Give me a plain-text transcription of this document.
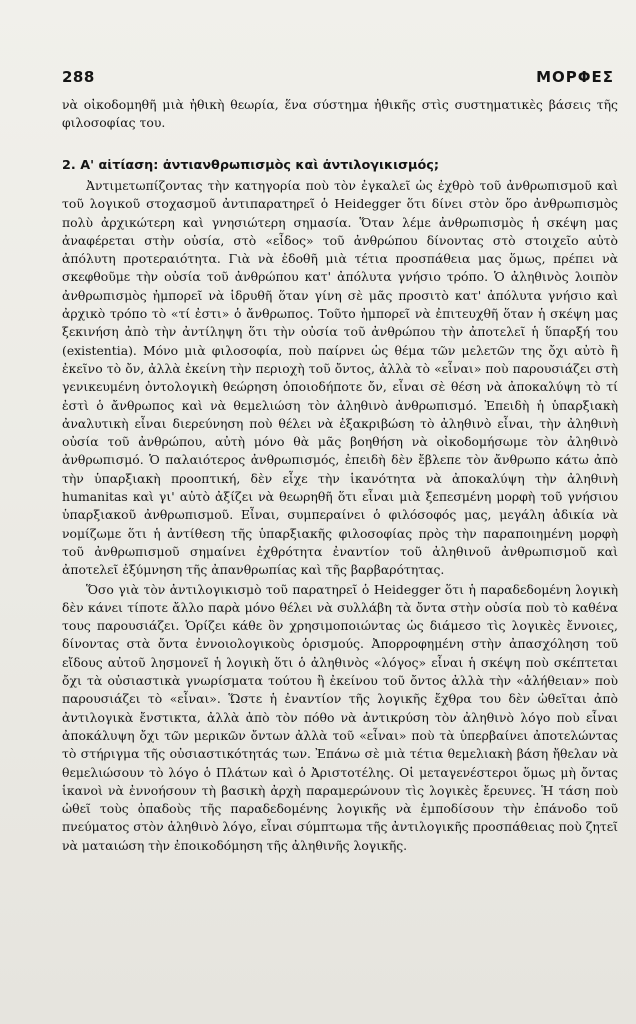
288	ΜΟΡΦΕΣ

νὰ οἰκοδομηθῆ μιὰ ἠθικὴ θεωρία, ἕνα σύστημα ἠθικῆς στὶς συστηματικὲς βάσεις τῆς φιλοσοφίας του.

2. Α' αἰτίαση: ἀντιανθρωπισμὸς καὶ ἀντιλογικισμός;

Ἀντιμετωπίζοντας τὴν κατηγορία ποὺ τὸν ἐγκαλεῖ ὡς ἐχθρὸ τοῦ ἀνθρωπισμοῦ καὶ τοῦ λογικοῦ στοχασμοῦ ἀντιπαρατηρεῖ ὁ Heidegger ὅτι δίνει στὸν ὅρο ἀνθρωπισμὸς πολὺ ἀρχικώτερη καὶ γνησιώτερη σημασία. Ὅταν λέμε ἀνθρωπισμὸς ἡ σκέψη μας ἀναφέρεται στὴν οὐσία, στὸ «εἶδος» τοῦ ἀνθρώπου δίνοντας στὸ στοιχεῖο αὐτὸ ἀπόλυτη προτεραιότητα. Γιὰ νὰ ἐδοθῆ μιὰ τέτια προσπάθεια μας ὅμως, πρέπει νὰ σκεφθοῦμε τὴν οὐσία τοῦ ἀνθρώπου κατ' ἀπόλυτα γνήσιο τρόπο. Ὁ ἀληθινὸς λοιπὸν ἀνθρωπισμὸς ἠμπορεῖ νὰ ἱδρυθῆ ὅταν γίνη σὲ μᾶς προσιτὸ κατ' ἀπόλυτα γνήσιο καὶ ἀρχικὸ τρόπο τὸ «τί ἐστι» ὁ ἄνθρωπος. Τοῦτο ἠμπορεῖ νὰ ἐπιτευχθῆ ὅταν ἡ σκέψη μας ξεκινήση ἀπὸ τὴν ἀντίληψη ὅτι τὴν οὐσία τοῦ ἀνθρώπου τὴν ἀποτελεῖ ἡ ὕπαρξή του (existentia). Μόνο μιὰ φιλοσοφία, ποὺ παίρνει ὡς θέμα τῶν μελετῶν της ὄχι αὐτὸ ἢ ἐκεῖνο τὸ ὄν, ἀλλὰ ἐκείνη τὴν περιοχὴ τοῦ ὄντος, ἀλλὰ τὸ «εἶναι» ποὺ παρουσιάζει στὴ γενικευμένη ὀντολογικὴ θεώρηση ὁποιοδήποτε ὄν, εἶναι σὲ θέση νὰ ἀποκαλύψη τὸ τί ἐστὶ ὁ ἄνθρωπος καὶ νὰ θεμελιώση τὸν ἀληθινὸ ἀνθρωπισμό. Ἐπειδὴ ἡ ὑπαρξιακὴ ἀναλυτικὴ εἶναι διερεύνηση ποὺ θέλει νὰ ἐξακριβώση τὸ ἀληθινὸ εἶναι, τὴν ἀληθινὴ οὐσία τοῦ ἀνθρώπου, αὐτὴ μόνο θὰ μᾶς βοηθήση νὰ οἰκοδομήσωμε τὸν ἀληθινὸ ἀνθρωπισμό. Ὁ παλαιότερος ἀνθρωπισμός, ἐπειδὴ δὲν ἔβλεπε τὸν ἄνθρωπο κάτω ἀπὸ τὴν ὑπαρξιακὴ προοπτική, δὲν εἶχε τὴν ἱκανότητα νὰ ἀποκαλύψη τὴν ἀληθινὴ humanitas καὶ γι' αὐτὸ ἀξίζει νὰ θεωρηθῆ ὅτι εἶναι μιὰ ξεπεσμένη μορφὴ τοῦ γνήσιου ὑπαρξιακοῦ ἀνθρωπισμοῦ. Εἶναι, συμπεραίνει ὁ φιλόσοφός μας, μεγάλη ἀδικία νὰ νομίζωμε ὅτι ἡ ἀντίθεση τῆς ὑπαρξιακῆς φιλοσοφίας πρὸς τὴν παραποιημένη μορφὴ τοῦ ἀνθρωπισμοῦ σημαίνει ἐχθρότητα ἐναντίον τοῦ ἀληθινοῦ ἀνθρωπισμοῦ καὶ ἀποτελεῖ ἐξύμνηση τῆς ἀπανθρωπίας καὶ τῆς βαρβαρότητας.

Ὅσο γιὰ τὸν ἀντιλογικισμὸ τοῦ παρατηρεῖ ὁ Heidegger ὅτι ἡ παραδεδομένη λογικὴ δὲν κάνει τίποτε ἄλλο παρὰ μόνο θέλει νὰ συλλάβη τὰ ὄντα στὴν οὐσία ποὺ τὸ καθένα τους παρουσιάζει. Ὁρίζει κάθε ὂν χρησιμοποιώντας ὡς διάμεσο τὶς λογικὲς ἔννοιες, δίνοντας στὰ ὄντα ἐννοιολογικοὺς ὁρισμούς. Ἀπορροφημένη στὴν ἀπασχόληση τοῦ εἴδους αὐτοῦ λησμονεῖ ἡ λογικὴ ὅτι ὁ ἀληθινὸς «λόγος» εἶναι ἡ σκέψη ποὺ σκέπτεται ὄχι τὰ οὐσιαστικὰ γνωρίσματα τούτου ἢ ἐκείνου τοῦ ὄντος ἀλλὰ τὴν «ἀλήθειαν» ποὺ παρουσιάζει τὸ «εἶναι». Ὥστε ἡ ἐναντίον τῆς λογικῆς ἔχθρα του δὲν ὠθεῖται ἀπὸ ἀντιλογικὰ ἔνστικτα, ἀλλὰ ἀπὸ τὸν πόθο νὰ ἀντικρύση τὸν ἀληθινὸ λόγο ποὺ εἶναι ἀποκάλυψη ὄχι τῶν μερικῶν ὄντων ἀλλὰ τοῦ «εἶναι» ποὺ τὰ ὑπερβαίνει ἀποτελώντας τὸ στήριγμα τῆς οὐσιαστικότητάς των. Ἐπάνω σὲ μιὰ τέτια θεμελιακὴ βάση ἤθελαν νὰ θεμελιώσουν τὸ λόγο ὁ Πλάτων καὶ ὁ Ἀριστοτέλης. Οἱ μεταγενέστεροι ὅμως μὴ ὄντας ἱκανοὶ νὰ ἐννοήσουν τὴ βασικὴ ἀρχὴ παραμερώνουν τὶς λογικὲς ἔρευνες. Ἡ τάση ποὺ ὠθεῖ τοὺς ὀπαδοὺς τῆς παραδεδομένης λογικῆς νὰ ἐμποδίσουν τὴν ἐπάνοδο τοῦ πνεύματος στὸν ἀληθινὸ λόγο, εἶναι σύμπτωμα τῆς ἀντιλογικῆς προσπάθειας ποὺ ζητεῖ νὰ ματαιώση τὴν ἐποικοδόμηση τῆς ἀληθινῆς λογικῆς.
